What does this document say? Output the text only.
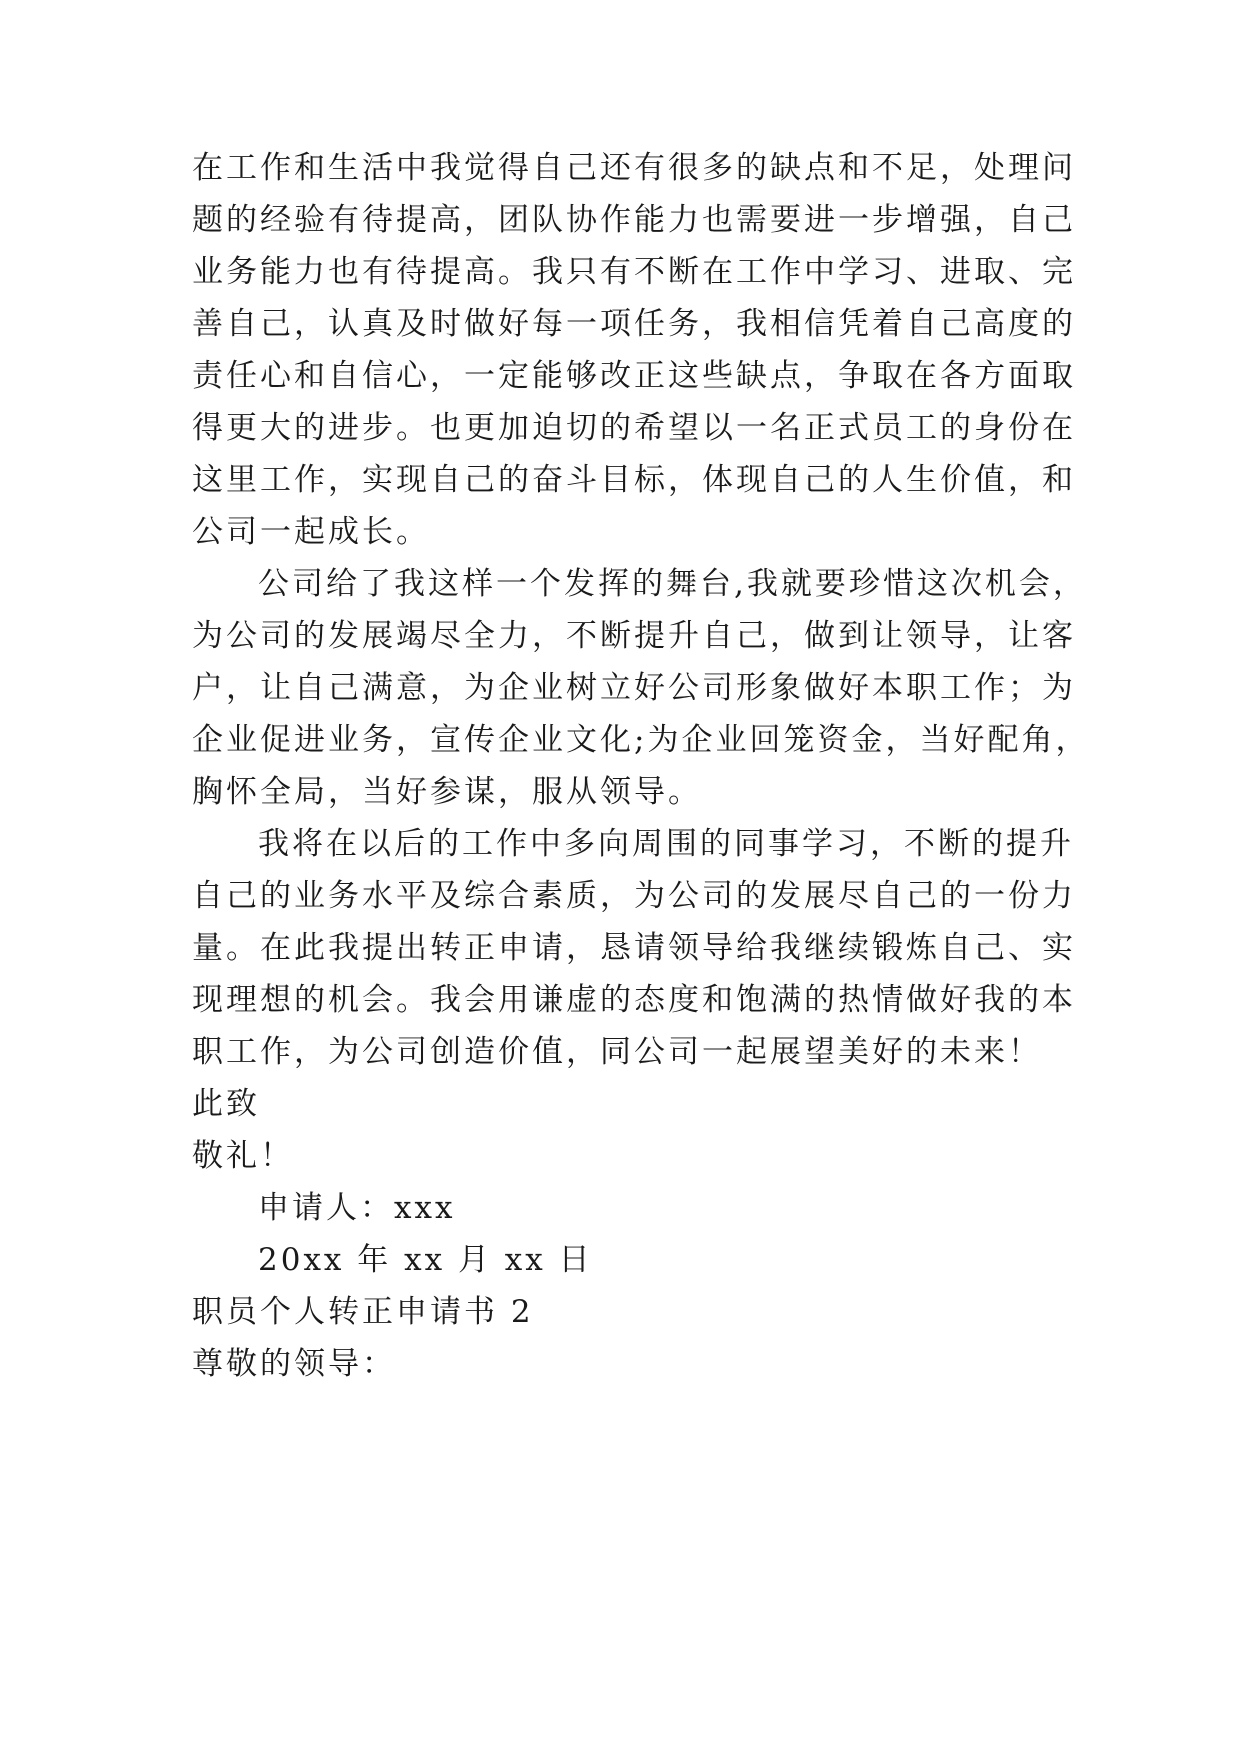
在工作和生活中我觉得自己还有很多的缺点和不足，处理问
题的经验有待提高，团队协作能力也需要进一步增强，自己
业务能力也有待提高。我只有不断在工作中学习、进取、完
善自己，认真及时做好每一项任务，我相信凭着自己高度的
责任心和自信心，一定能够改正这些缺点，争取在各方面取
得更大的进步。也更加迫切的希望以一名正式员工的身份在
这里工作，实现自己的奋斗目标，体现自己的人生价值，和
公司一起成长。
公司给了我这样一个发挥的舞台,我就要珍惜这次机会，
为公司的发展竭尽全力，不断提升自己，做到让领导，让客
户，让自己满意，为企业树立好公司形象做好本职工作；为
企业促进业务，宣传企业文化;为企业回笼资金，当好配角，
胸怀全局，当好参谋，服从领导。
我将在以后的工作中多向周围的同事学习，不断的提升
自己的业务水平及综合素质，为公司的发展尽自己的一份力
量。在此我提出转正申请，恳请领导给我继续锻炼自己、实
现理想的机会。我会用谦虚的态度和饱满的热情做好我的本
职工作，为公司创造价值，同公司一起展望美好的未来！
此致
敬礼！
申请人：xxx
20xx 年 xx 月 xx 日
职员个人转正申请书 2
尊敬的领导：
